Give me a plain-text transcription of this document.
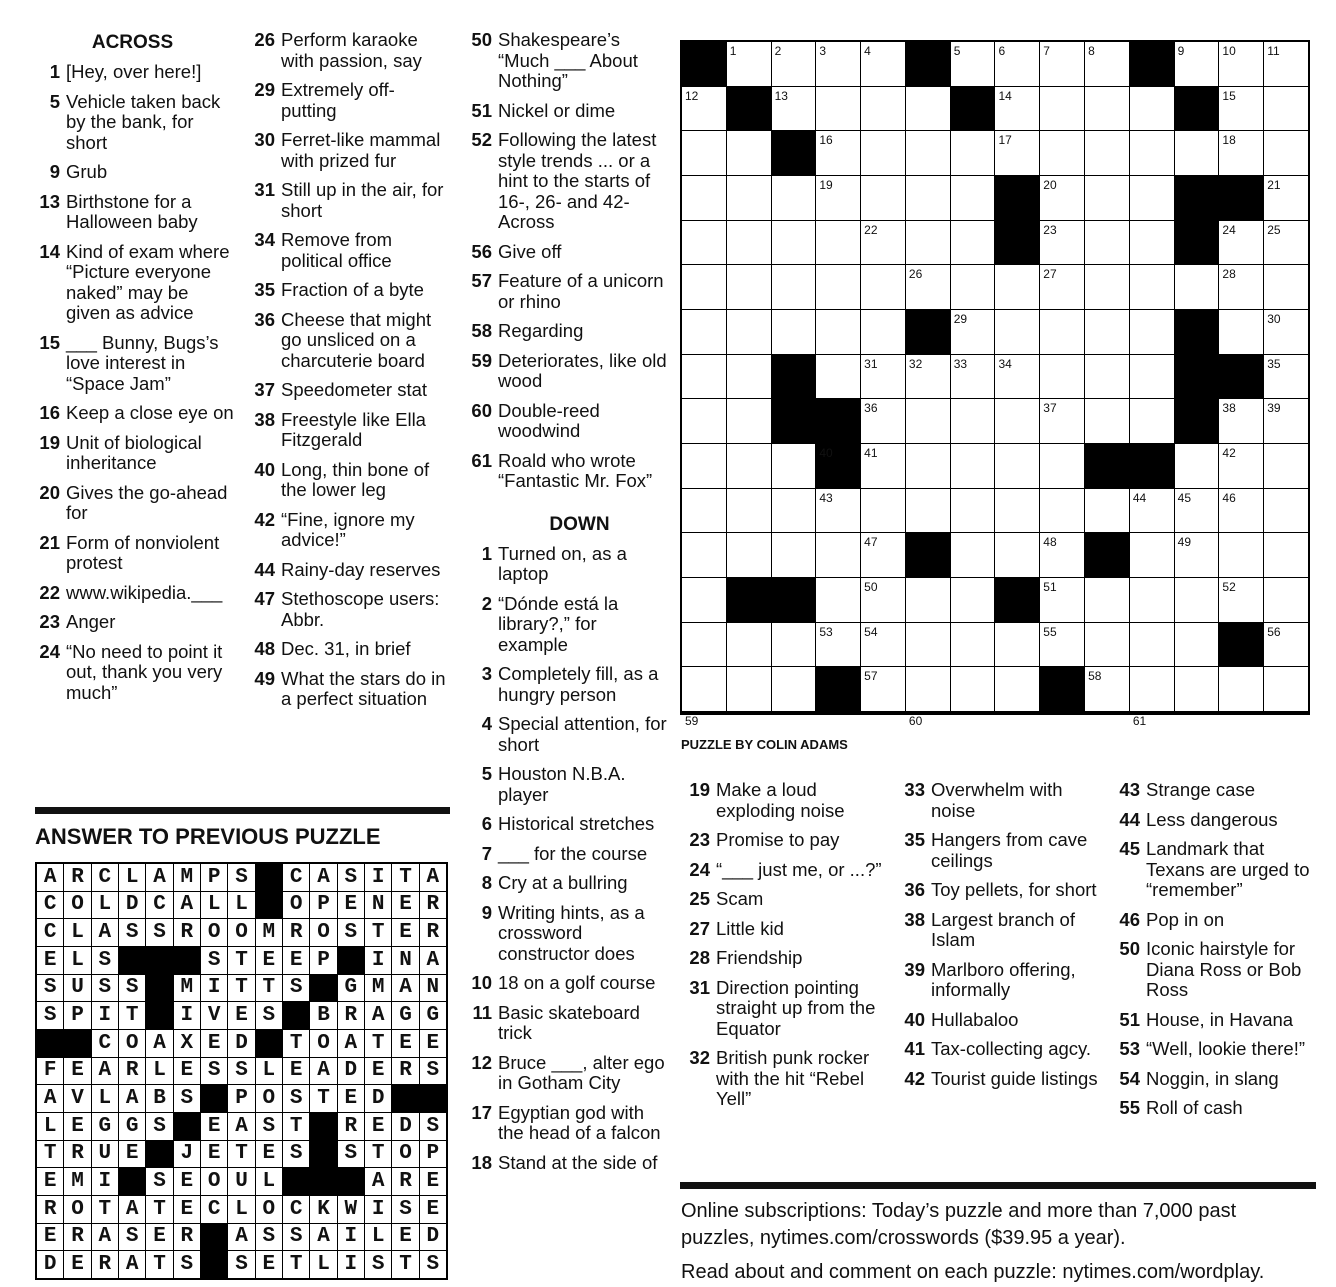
ACROSS
1 [Hey, over here!]
5 Vehicle taken back by the bank, for short
9 Grub
13 Birthstone for a Halloween baby
14 Kind of exam where “Picture everyone naked” may be given as advice
15 ___ Bunny, Bugs’s love interest in “Space Jam”
16 Keep a close eye on
19 Unit of biological inheritance
20 Gives the go-ahead for
21 Form of nonviolent protest
22 www.wikipedia.___
23 Anger
24 “No need to point it out, thank you very much”
26 Perform karaoke with passion, say
29 Extremely off-putting
30 Ferret-like mammal with prized fur
31 Still up in the air, for short
34 Remove from political office
35 Fraction of a byte
36 Cheese that might go unsliced on a charcuterie board
37 Speedometer stat
38 Freestyle like Ella Fitzgerald
40 Long, thin bone of the lower leg
42 “Fine, ignore my advice!”
44 Rainy-day reserves
47 Stethoscope users: Abbr.
48 Dec. 31, in brief
49 What the stars do in a perfect situation
50 Shakespeare’s “Much ___ About Nothing”
51 Nickel or dime
52 Following the latest style trends ... or a hint to the starts of 16-, 26- and 42-Across
56 Give off
57 Feature of a unicorn or rhino
58 Regarding
59 Deteriorates, like old wood
60 Double-reed woodwind
61 Roald who wrote “Fantastic Mr. Fox”
DOWN
1 Turned on, as a laptop
2 “Dónde está la library?,” for example
3 Completely fill, as a hungry person
4 Special attention, for short
5 Houston N.B.A. player
6 Historical stretches
7 ___ for the course
8 Cry at a bullring
9 Writing hints, as a crossword constructor does
10 18 on a golf course
11 Basic skateboard trick
12 Bruce ___, alter ego in Gotham City
17 Egyptian god with the head of a falcon
18 Stand at the side of
1	2	3	4	5	6	7	8	9	10	11
12	13	14	15
16	17	18
19	20	21
22	23	24	25
26	27	28
29	30
31	32	33	34	35
36	37	38	39
40	41	42
43	44	45	46
47	48	49
50	51	52
53	54	55	56
57	58
59	60	61
PUZZLE BY COLIN ADAMS
19 Make a loud exploding noise
23 Promise to pay
24 “___ just me, or ...?”
25 Scam
27 Little kid
28 Friendship
31 Direction pointing straight up from the Equator
32 British punk rocker with the hit “Rebel Yell”
33 Overwhelm with noise
35 Hangers from cave ceilings
36 Toy pellets, for short
38 Largest branch of Islam
39 Marlboro offering, informally
40 Hullabaloo
41 Tax-collecting agcy.
42 Tourist guide listings
43 Strange case
44 Less dangerous
45 Landmark that Texans are urged to “remember”
46 Pop in on
50 Iconic hairstyle for Diana Ross or Bob Ross
51 House, in Havana
53 “Well, lookie there!”
54 Noggin, in slang
55 Roll of cash
ANSWER TO PREVIOUS PUZZLE
A R C L A M P S	C A S I T A
C O L D C A L L	O P E N E R
C L A S S R O O M R O S T E R
E L S	S T E E P	I N A
S U S S	M I T T S	G M A N
S P I T	I V E S	B R A G G
C O A X E D	T O A T E E
F E A R L E S S L E A D E R S
A V L A B S	P O S T E D
L E G G S	E A S T	R E D S
T R U E	J E T E S	S T O P
E M I	S E O U L	A R E
R O T A T E C L O C K W I S E
E R A S E R	A S S A I L E D
D E R A T S	S E T L I S T S
Online subscriptions: Today’s puzzle and more than 7,000 past
puzzles, nytimes.com/crosswords ($39.95 a year).
Read about and comment on each puzzle: nytimes.com/wordplay.
